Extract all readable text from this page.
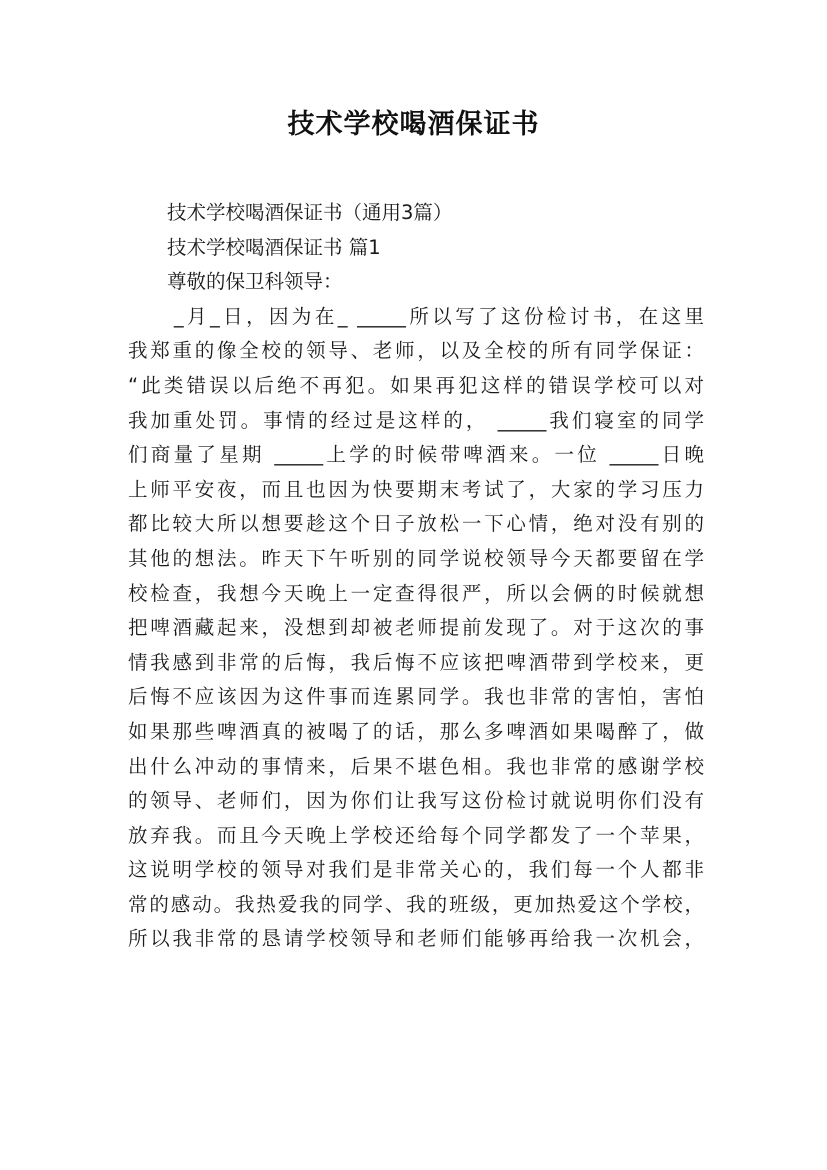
技术学校喝酒保证书
　　技术学校喝酒保证书（通用3篇）
　　技术学校喝酒保证书 篇1
　　尊敬的保卫科领导：
　　_月_日，因为在_ _____所以写了这份检讨书，在这里
我郑重的像全校的领导、老师，以及全校的所有同学保证：
“此类错误以后绝不再犯。如果再犯这样的错误学校可以对
我加重处罚。事情的经过是这样的， _____我们寝室的同学
们商量了星期 _____上学的时候带啤酒来。一位 _____日晚
上师平安夜，而且也因为快要期末考试了，大家的学习压力
都比较大所以想要趁这个日子放松一下心情，绝对没有别的
其他的想法。昨天下午听别的同学说校领导今天都要留在学
校检查，我想今天晚上一定查得很严，所以会俩的时候就想
把啤酒藏起来，没想到却被老师提前发现了。对于这次的事
情我感到非常的后悔，我后悔不应该把啤酒带到学校来，更
后悔不应该因为这件事而连累同学。我也非常的害怕，害怕
如果那些啤酒真的被喝了的话，那么多啤酒如果喝醉了，做
出什么冲动的事情来，后果不堪色相。我也非常的感谢学校
的领导、老师们，因为你们让我写这份检讨就说明你们没有
放弃我。而且今天晚上学校还给每个同学都发了一个苹果，
这说明学校的领导对我们是非常关心的，我们每一个人都非
常的感动。我热爱我的同学、我的班级，更加热爱这个学校，
所以我非常的恳请学校领导和老师们能够再给我一次机会，
